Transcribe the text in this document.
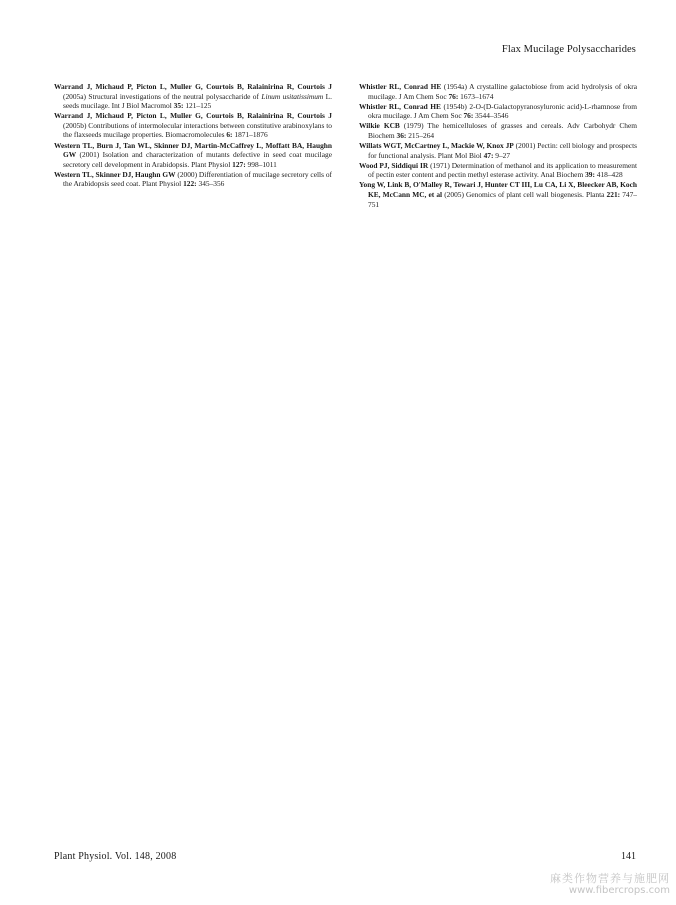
Flax Mucilage Polysaccharides

Warrand J, Michaud P, Picton L, Muller G, Courtois B, Ralainirina R, Courtois J (2005a) Structural investigations of the neutral polysaccharide of Linum usitatissimum L. seeds mucilage. Int J Biol Macromol 35: 121–125

Warrand J, Michaud P, Picton L, Muller G, Courtois B, Ralainirina R, Courtois J (2005b) Contributions of intermolecular interactions between constitutive arabinoxylans to the flaxseeds mucilage properties. Biomacromolecules 6: 1871–1876

Western TL, Burn J, Tan WL, Skinner DJ, Martin-McCaffrey L, Moffatt BA, Haughn GW (2001) Isolation and characterization of mutants defective in seed coat mucilage secretory cell development in Arabidopsis. Plant Physiol 127: 998–1011

Western TL, Skinner DJ, Haughn GW (2000) Differentiation of mucilage secretory cells of the Arabidopsis seed coat. Plant Physiol 122: 345–356

Whistler RL, Conrad HE (1954a) A crystalline galactobiose from acid hydrolysis of okra mucilage. J Am Chem Soc 76: 1673–1674

Whistler RL, Conrad HE (1954b) 2-O-(D-Galactopyranosyluronic acid)-L-rhamnose from okra mucilage. J Am Chem Soc 76: 3544–3546

Wilkie KCB (1979) The hemicelluloses of grasses and cereals. Adv Carbohydr Chem Biochem 36: 215–264

Willats WGT, McCartney L, Mackie W, Knox JP (2001) Pectin: cell biology and prospects for functional analysis. Plant Mol Biol 47: 9–27

Wood PJ, Siddiqui IR (1971) Determination of methanol and its application to measurement of pectin ester content and pectin methyl esterase activity. Anal Biochem 39: 418–428

Yong W, Link B, O'Malley R, Tewari J, Hunter CT III, Lu CA, Li X, Bleecker AB, Koch KE, McCann MC, et al (2005) Genomics of plant cell wall biogenesis. Planta 221: 747–751

Plant Physiol. Vol. 148, 2008	141
麻类作物营养与施肥网
www.fibercrops.com
